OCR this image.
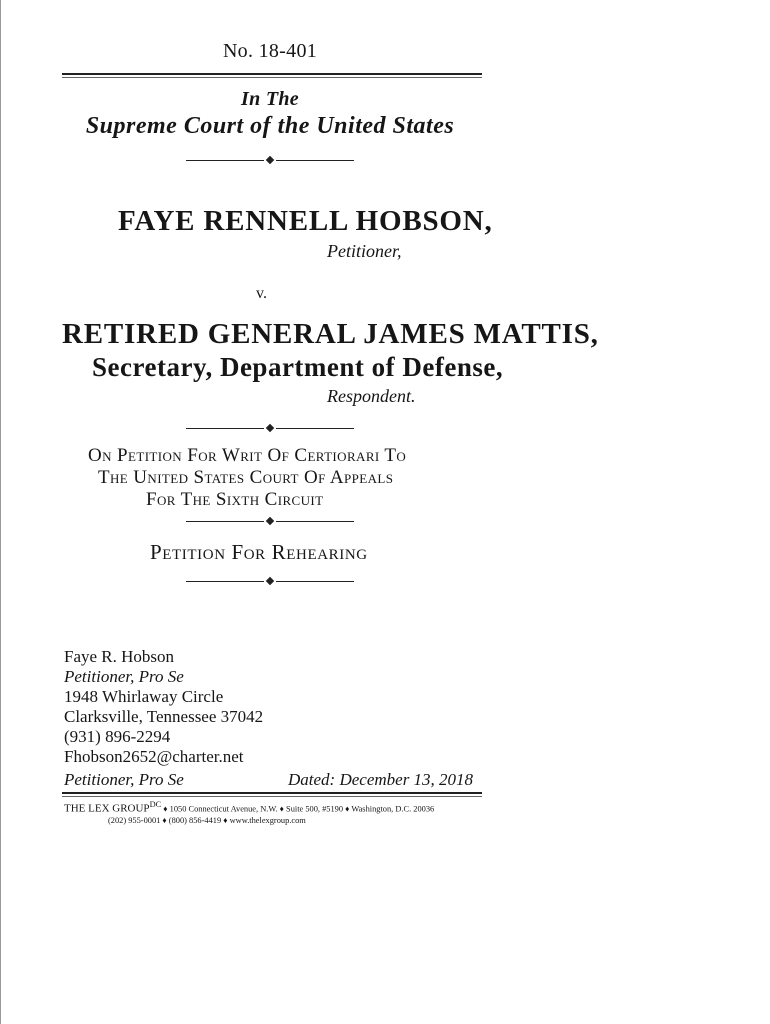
No. 18-401
In The
Supreme Court of the United States
FAYE RENNELL HOBSON,
Petitioner,
v.
RETIRED GENERAL JAMES MATTIS,
Secretary, Department of Defense,
Respondent.
On Petition For Writ Of Certiorari To
The United States Court Of Appeals
For The Sixth Circuit
Petition For Rehearing
Faye R. Hobson
Petitioner, Pro Se
1948 Whirlaway Circle
Clarksville, Tennessee 37042
(931) 896-2294
Fhobson2652@charter.net
Petitioner, Pro Se	Dated: December 13, 2018
THE LEX $GROUP^{DC}$ ♦ 1050 Connecticut Avenue, N.W. ♦ Suite 500, #5190 ♦ Washington, D.C. 20036
(202) 955-0001 ♦ (800) 856-4419 ♦ www.thelexgroup.com
